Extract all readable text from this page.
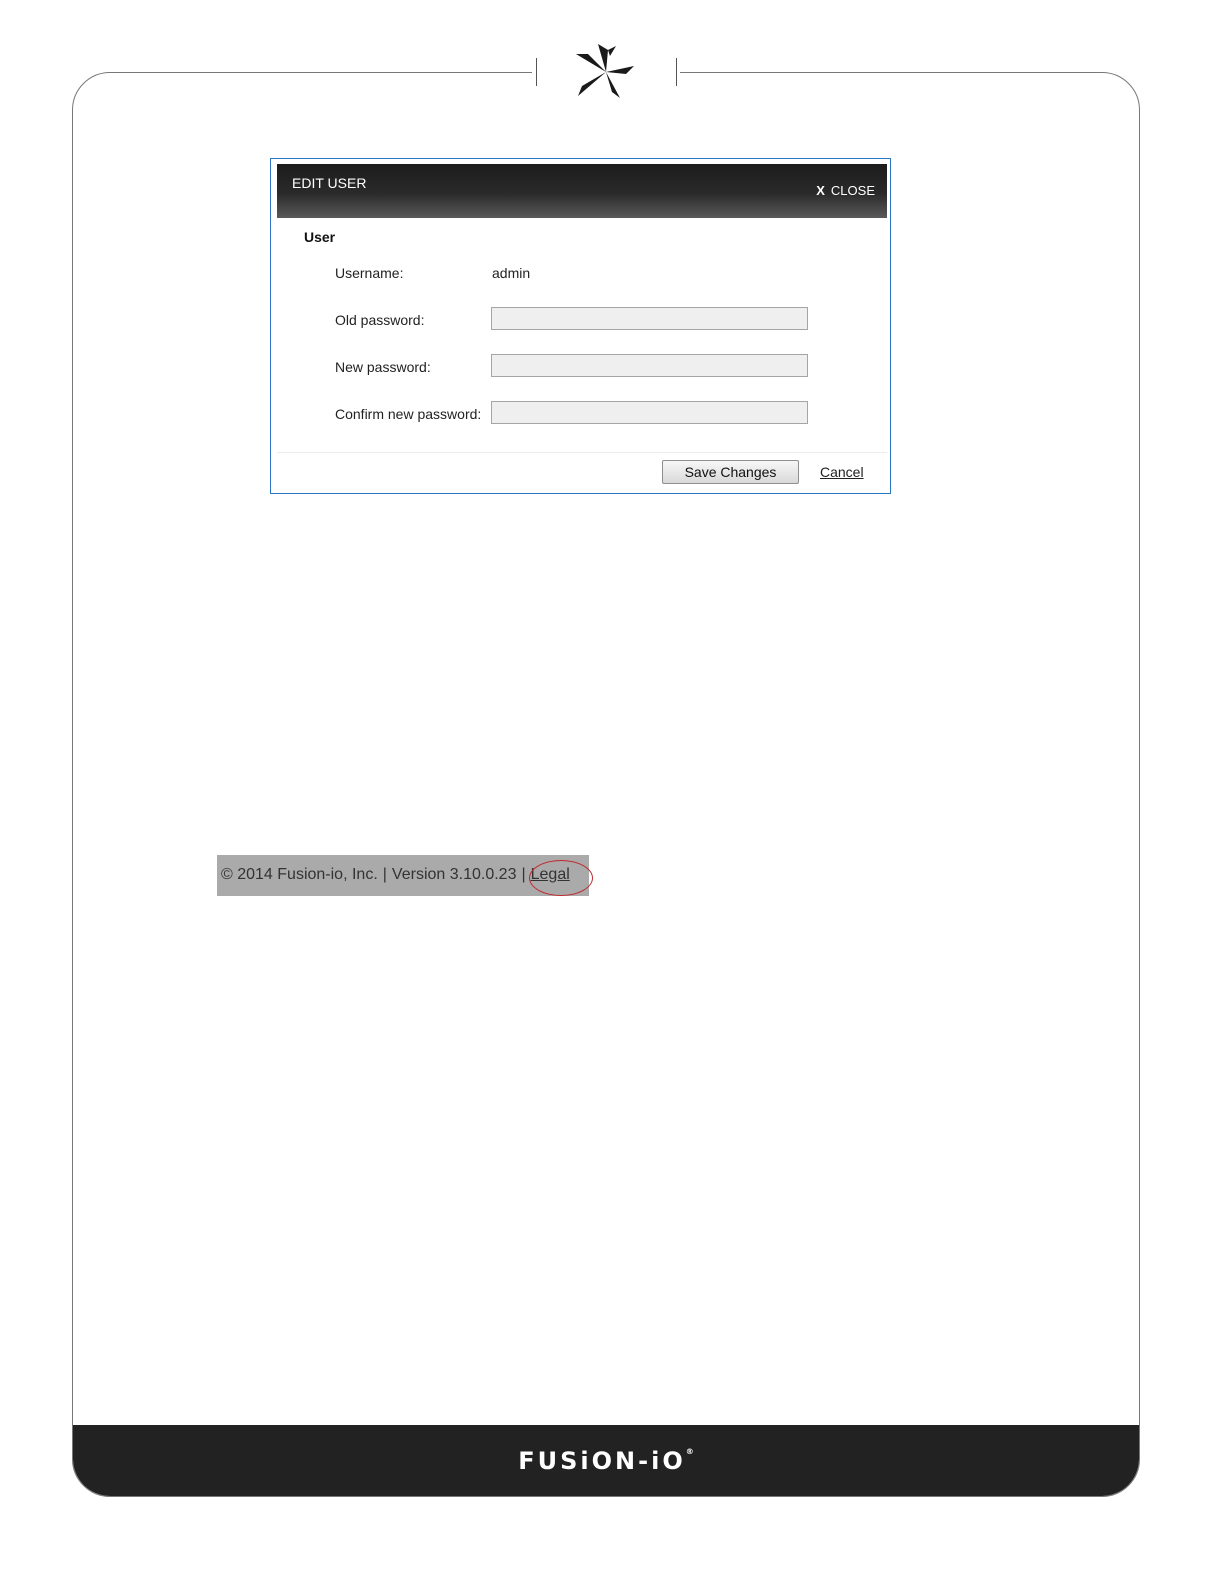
FUSiON-iO®
EDIT USER	X CLOSE
User
Username:	admin
Old password:
New password:
Confirm new password:
Save Changes	Cancel
© 2014 Fusion-io, Inc. | Version 3.10.0.23 | Legal
